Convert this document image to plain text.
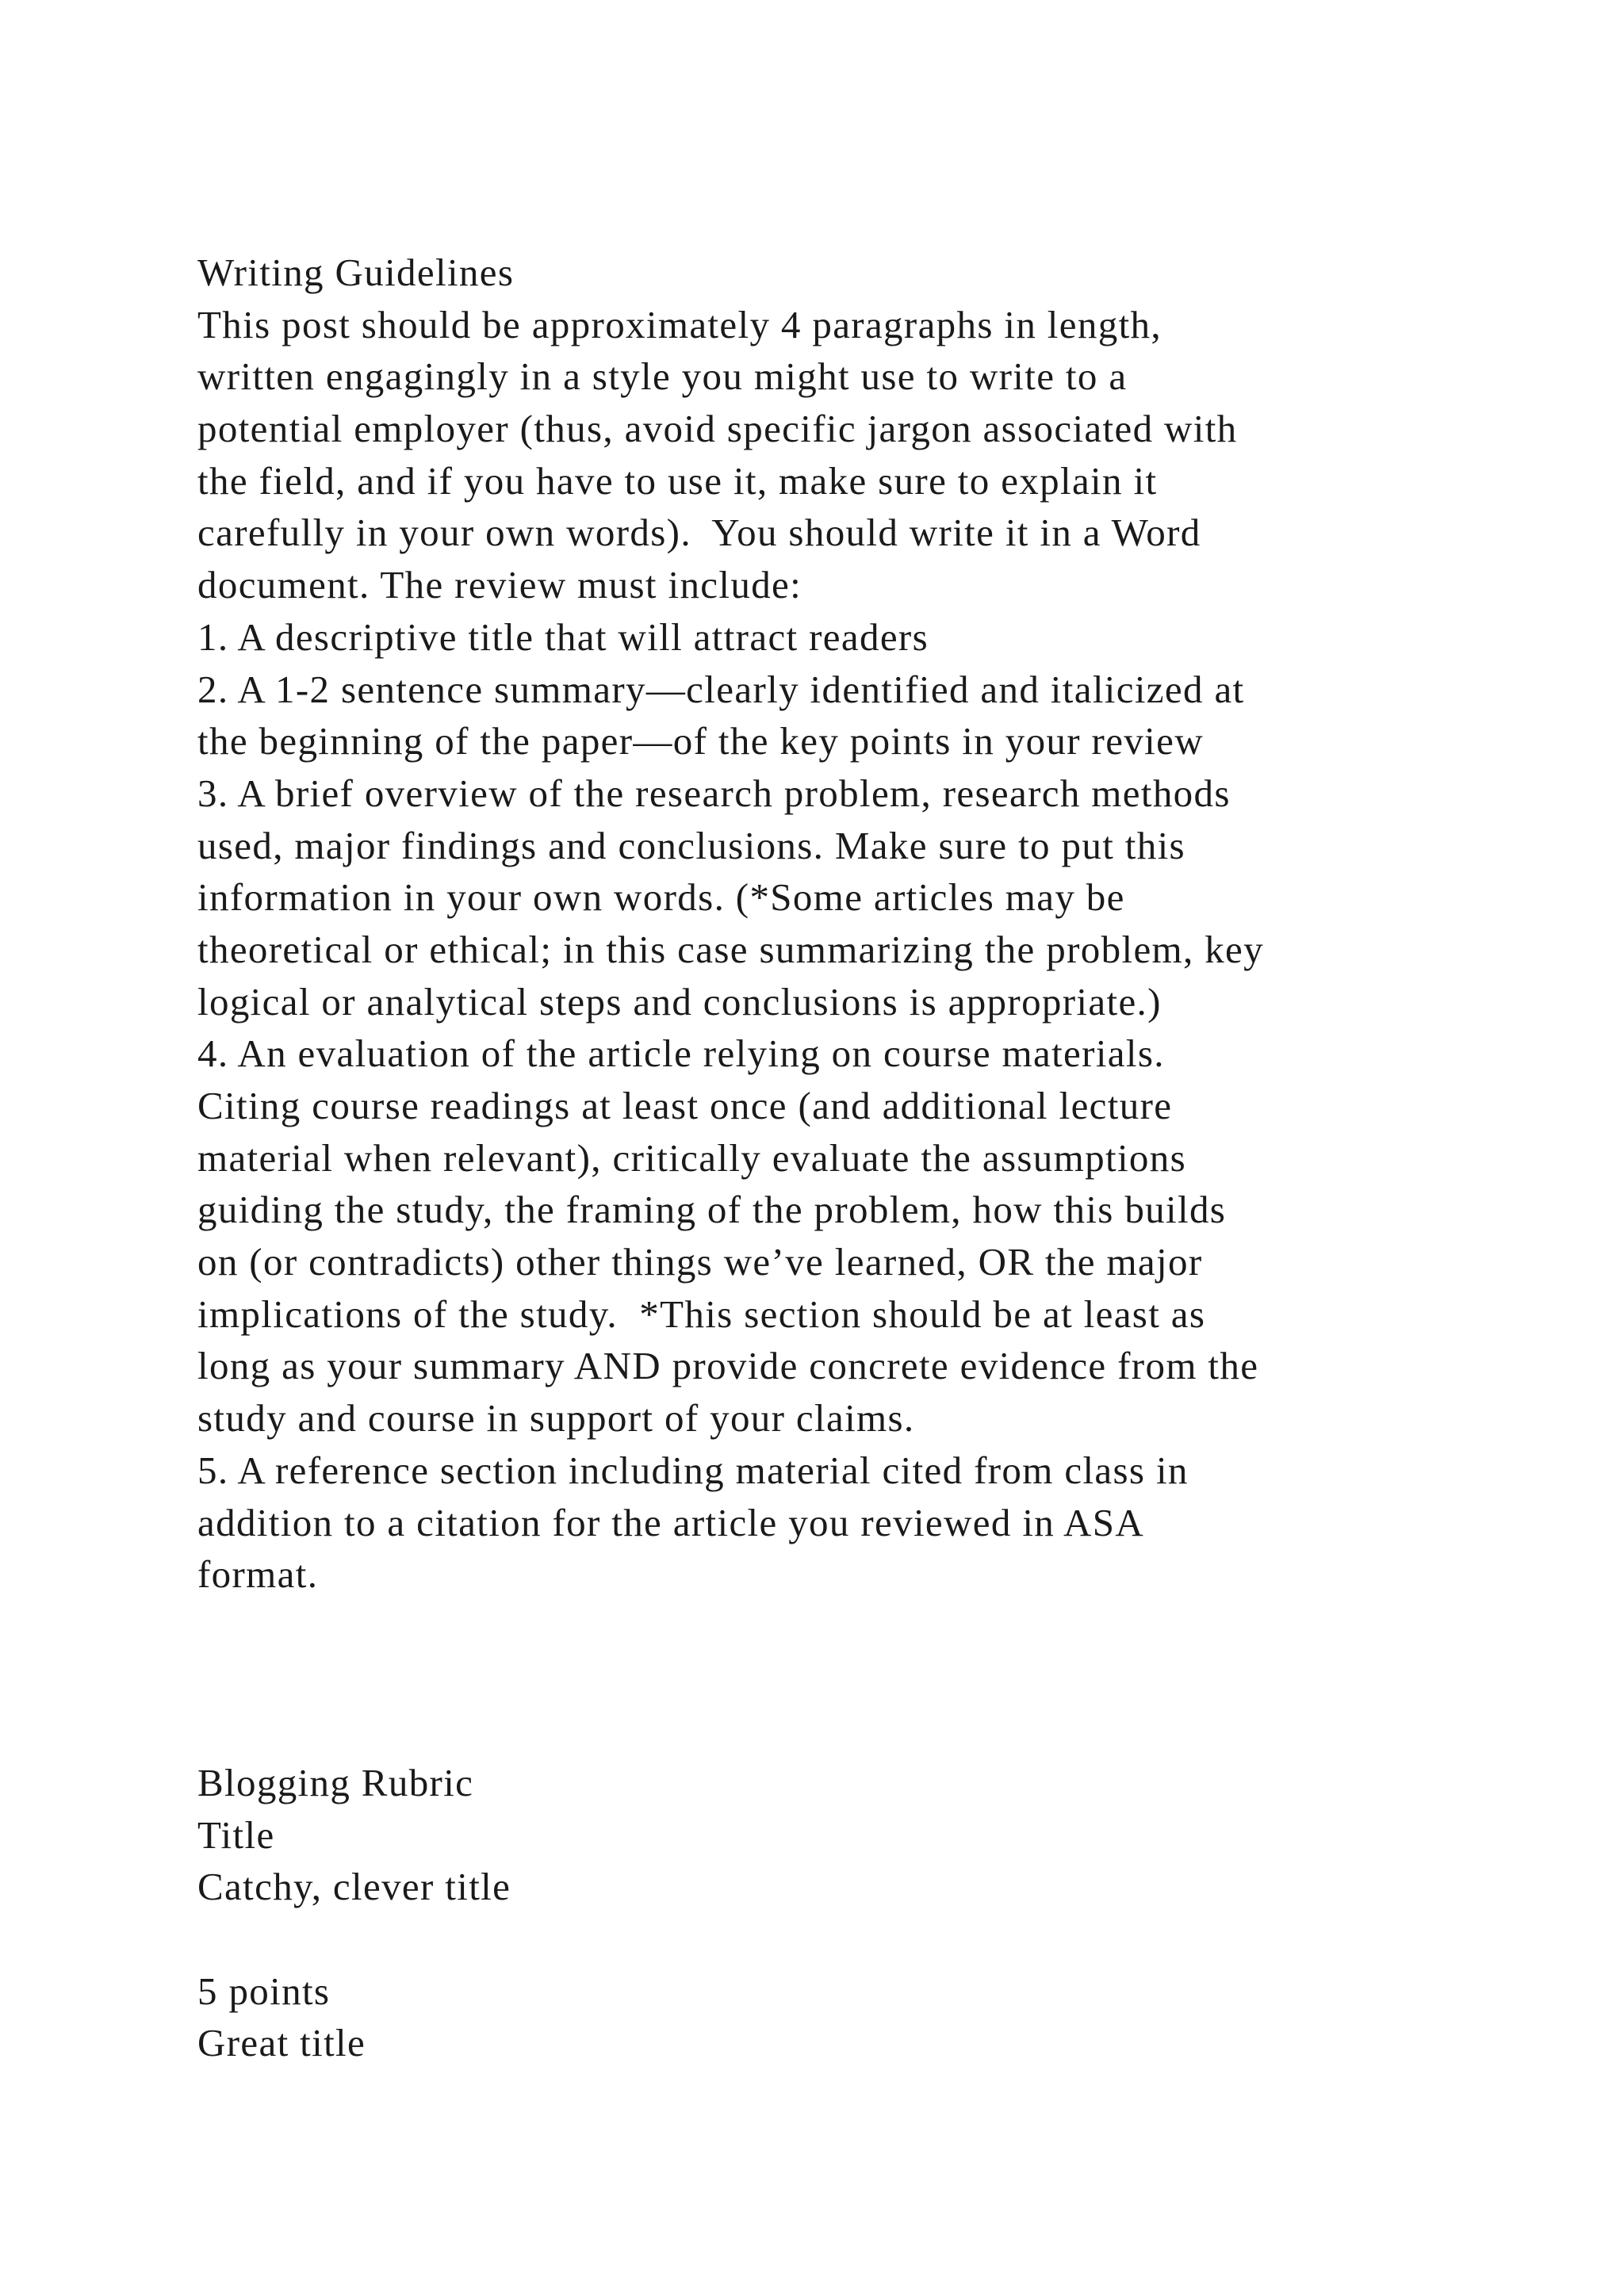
Writing Guidelines
This post should be approximately 4 paragraphs in length,
written engagingly in a style you might use to write to a
potential employer (thus, avoid specific jargon associated with
the field, and if you have to use it, make sure to explain it
carefully in your own words).  You should write it in a Word
document. The review must include:
1. A descriptive title that will attract readers
2. A 1-2 sentence summary—clearly identified and italicized at
the beginning of the paper—of the key points in your review
3. A brief overview of the research problem, research methods
used, major findings and conclusions. Make sure to put this
information in your own words. (*Some articles may be
theoretical or ethical; in this case summarizing the problem, key
logical or analytical steps and conclusions is appropriate.)
4. An evaluation of the article relying on course materials.
Citing course readings at least once (and additional lecture
material when relevant), critically evaluate the assumptions
guiding the study, the framing of the problem, how this builds
on (or contradicts) other things we’ve learned, OR the major
implications of the study.  *This section should be at least as
long as your summary AND provide concrete evidence from the
study and course in support of your claims.
5. A reference section including material cited from class in
addition to a citation for the article you reviewed in ASA
format.
Blogging Rubric
Title
Catchy, clever title
5 points
Great title
